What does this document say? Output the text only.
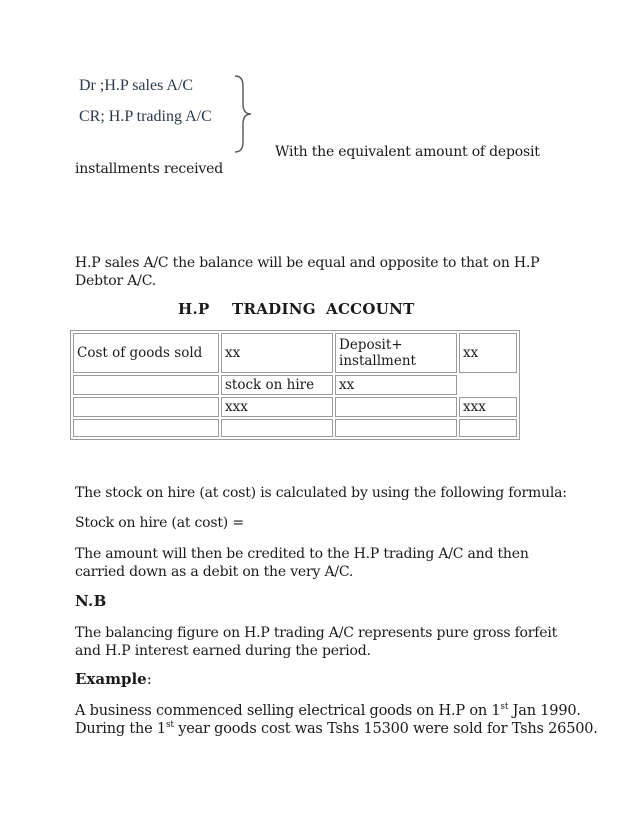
Dr ;H.P sales A/C
CR; H.P trading A/C
With the equivalent amount of deposit
installments received
H.P sales A/C the balance will be equal and opposite to that on H.P Debtor A/C.
H.P TRADING ACCOUNT
Cost of goods sold	xx	Deposit+ installment	xx
	stock on hire	xx	
	xxx		xxx

The stock on hire (at cost) is calculated by using the following formula:
Stock on hire (at cost) =
The amount will then be credited to the H.P trading A/C and then carried down as a debit on the very A/C.
N.B
The balancing figure on H.P trading A/C represents pure gross forfeit and H.P interest earned during the period.
Example:
A business commenced selling electrical goods on H.P on 1st Jan 1990.
During the 1st year goods cost was Tshs 15300 were sold for Tshs 26500.
